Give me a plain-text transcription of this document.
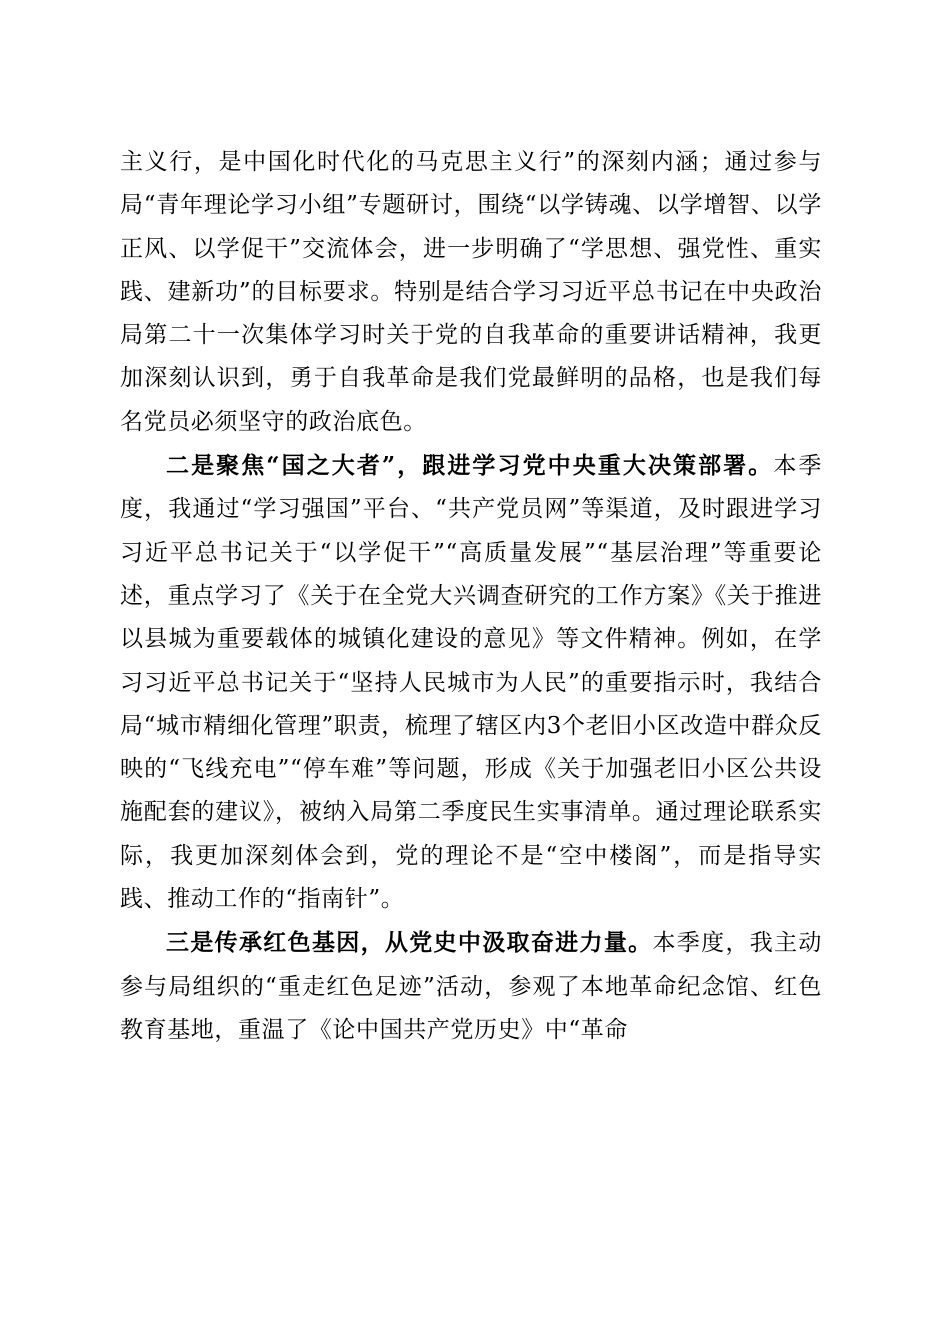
主义行，是中国化时代化的马克思主义行”的深刻内涵；通过参与局“青年理论学习小组”专题研讨，围绕“以学铸魂、以学增智、以学正风、以学促干”交流体会，进一步明确了“学思想、强党性、重实践、建新功”的目标要求。特别是结合学习习近平总书记在中央政治局第二十一次集体学习时关于党的自我革命的重要讲话精神，我更加深刻认识到，勇于自我革命是我们党最鲜明的品格，也是我们每名党员必须坚守的政治底色。

二是聚焦“国之大者”，跟进学习党中央重大决策部署。本季度，我通过“学习强国”平台、“共产党员网”等渠道，及时跟进学习习近平总书记关于“以学促干”“高质量发展”“基层治理”等重要论述，重点学习了《关于在全党大兴调查研究的工作方案》《关于推进以县城为重要载体的城镇化建设的意见》等文件精神。例如，在学习习近平总书记关于“坚持人民城市为人民”的重要指示时，我结合局“城市精细化管理”职责，梳理了辖区内3个老旧小区改造中群众反映的“飞线充电”“停车难”等问题，形成《关于加强老旧小区公共设施配套的建议》，被纳入局第二季度民生实事清单。通过理论联系实际，我更加深刻体会到，党的理论不是“空中楼阁”，而是指导实践、推动工作的“指南针”。

三是传承红色基因，从党史中汲取奋进力量。本季度，我主动参与局组织的“重走红色足迹”活动，参观了本地革命纪念馆、红色教育基地，重温了《论中国共产党历史》中“革命
